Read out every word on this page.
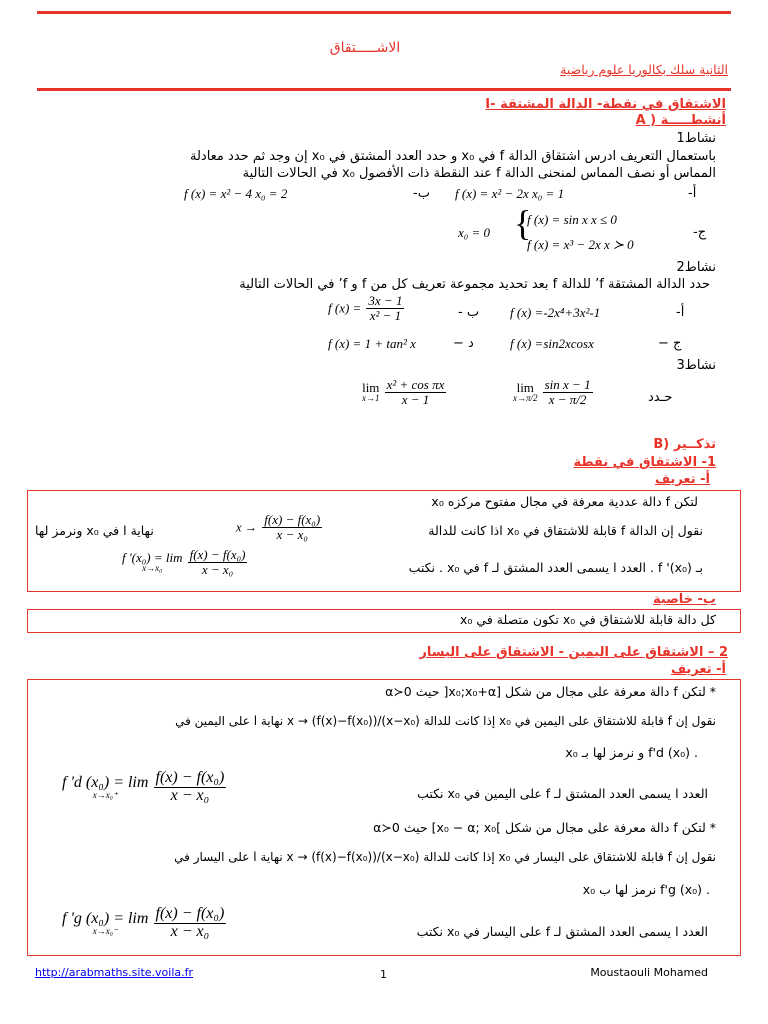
الاشـــــتقاق
الثانية سلك بكالوريا علوم رياضية
I- الاشتقاق في نقطة- الدالة المشتقة
A ) أنشطـــــة
نشاط1
باستعمال التعريف ادرس اشتقاق الدالة f في x₀ و حدد العدد المشتق في x₀ إن وجد ثم حدد معادلة
المماس أو نصف المماس لمنحنى الدالة f عند النقطة ذات الأفصول x₀ في الحالات التالية
أ-
f (x) = x² − 2x x₀ = 1
ب-
f (x) = x² − 4 x₀ = 2
x₀ = 0 {
f (x) = sin x x ≤ 0
f (x) = x³ − 2x x ≻ 0
ج-
نشاط2
حدد الدالة المشتقة f’ للدالة f بعد تحديد مجموعة تعريف كل من f و f’ في الحالات التالية
أ-
f (x) =-2x⁴+3x²-1
ب -
f $(x) = \frac{3x - 1}{\text{x² − 1}}$
ج −
f (x) =sin2xcosx
د −
f (x) = 1 + tan² x
نشاط3
حـدد
lim
x→π/2
$\frac{\text{sin x − 1}}{x - \pi/2}$
lim
x→1
$\frac{\text{x² + cos πx}}{x - 1}$
B) تذكــير
1- الاشتقاق في نقطة
أ- تعريف
لتكن f دالة عددية معرفة في مجال مفتوح مركزه x₀
نقول إن الدالة f قابلة للاشتقاق في x₀ اذا كانت للدالة
$x \to \frac{\text{f(x) − f(x₀)}}{\text{x − x₀}}$
نهاية l في x₀ ونرمز لها
بـ f '(x₀) . العدد l يسمى العدد المشتق لـ f في x₀ . نكتب
f '(x₀) = lim
x→x₀
$\frac{\text{f(x) − f(x₀)}}{\text{x − x₀}}$
ب- خاصية
كل دالة قابلة للاشتقاق في x₀ تكون متصلة في x₀
2 – الاشتقاق على اليمين - الاشتقاق على اليسار
أ- تعريف
* لتكن f دالة معرفة على مجال من شكل [x₀;x₀+α[ حيث α≻0
نقول إن f قابلة للاشتقاق على اليمين في x₀ إذا كانت للدالة x → (f(x)−f(x₀))/(x−x₀) نهاية l على اليمين في
x₀ و نرمز لها بـ f'd (x₀) .
العدد l يسمى العدد المشتق لـ f على اليمين في x₀ نكتب
f 'd (x₀) = lim
x→x₀⁺
$\frac{\text{f(x) − f(x₀)}}{\text{x − x₀}}$
* لتكن f دالة معرفة على مجال من شكل ]x₀ − α; x₀] حيث α≻0
نقول إن f قابلة للاشتقاق على اليسار في x₀ إذا كانت للدالة x → (f(x)−f(x₀))/(x−x₀) نهاية l على اليسار في
x₀ نرمز لها ب f'g (x₀) .
العدد l يسمى العدد المشتق لـ f على اليسار في x₀ نكتب
f 'g (x₀) = lim
x→x₀⁻
$\frac{\text{f(x) − f(x₀)}}{\text{x − x₀}}$
http://arabmaths.site.voila.fr	1	Moustaouli Mohamed
